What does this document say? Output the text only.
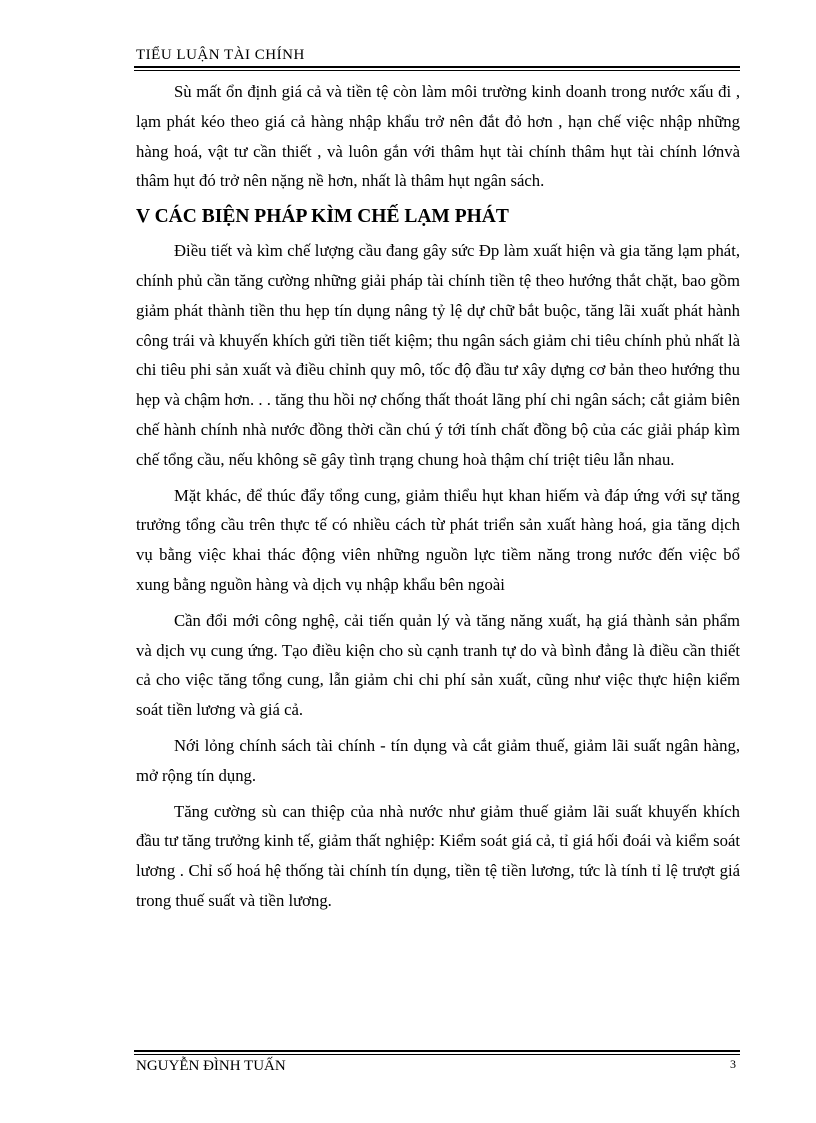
TIỂU LUẬN TÀI CHÍNH

Sù mất ổn định giá cả và tiền tệ còn làm môi trường kinh doanh trong nước xấu đi , lạm phát kéo theo giá cả hàng nhập khẩu trở nên đắt đỏ hơn , hạn chế việc nhập những hàng hoá, vật tư cần thiết , và luôn gắn với thâm hụt tài chính thâm hụt tài chính lớnvà thâm hụt đó trở nên nặng nề hơn, nhất là thâm hụt ngân sách.

V CÁC BIỆN PHÁP KÌM CHẾ LẠM PHÁT

Điều tiết và kìm chế lượng cầu đang gây sức Ðp làm xuất hiện và gia tăng lạm phát, chính phủ cần tăng cường những giải pháp tài chính tiền tệ theo hướng thắt chặt, bao gồm giảm phát thành tiền thu hẹp tín dụng nâng tỷ lệ dự chữ bắt buộc, tăng lãi xuất phát hành công trái và khuyến khích gửi tiền tiết kiệm; thu ngân sách giảm chi tiêu chính phủ nhất là chi tiêu phi sản xuất và điều chỉnh quy mô, tốc độ đầu tư xây dựng cơ bản theo hướng thu hẹp và chậm hơn. . . tăng thu hồi nợ chống thất thoát lãng phí chi ngân sách; cắt giảm biên chế hành chính nhà nước đồng thời cần chú ý tới tính chất đồng bộ của các giải pháp kìm chế tổng cầu, nếu không sẽ gây tình trạng chung hoà thậm chí triệt tiêu lẫn nhau.

Mặt khác, để thúc đẩy tổng cung, giảm thiểu hụt khan hiếm và đáp ứng với sự tăng trưởng tổng cầu trên thực tế có nhiều cách từ phát triển sản xuất hàng hoá, gia tăng dịch vụ bằng việc khai thác động viên những nguồn lực tiềm năng trong nước đến việc bổ xung bằng nguồn hàng và dịch vụ nhập khẩu bên ngoài

Cần đổi mới công nghệ, cải tiến quản lý và tăng năng xuất, hạ giá thành sản phẩm và dịch vụ cung ứng. Tạo điều kiện cho sù cạnh tranh tự do và bình đẳng là điều cần thiết cả cho việc tăng tổng cung, lẫn giảm chi chi phí sản xuất, cũng như việc thực hiện kiểm soát tiền lương và giá cả.

Nới lỏng chính sách tài chính - tín dụng và cắt giảm thuế, giảm lãi suất ngân hàng, mở rộng tín dụng.

Tăng cường sù can thiệp của nhà nước như giảm thuế giảm lãi suất khuyến khích đầu tư tăng trưởng kinh tế, giảm thất nghiệp: Kiểm soát giá cả, tỉ giá hối đoái và kiểm soát lương . Chỉ số hoá hệ thống tài chính tín dụng, tiền tệ tiền lương, tức là tính tỉ lệ trượt giá trong thuế suất và tiền lương.

NGUYỄN ĐÌNH TUẤN	3
